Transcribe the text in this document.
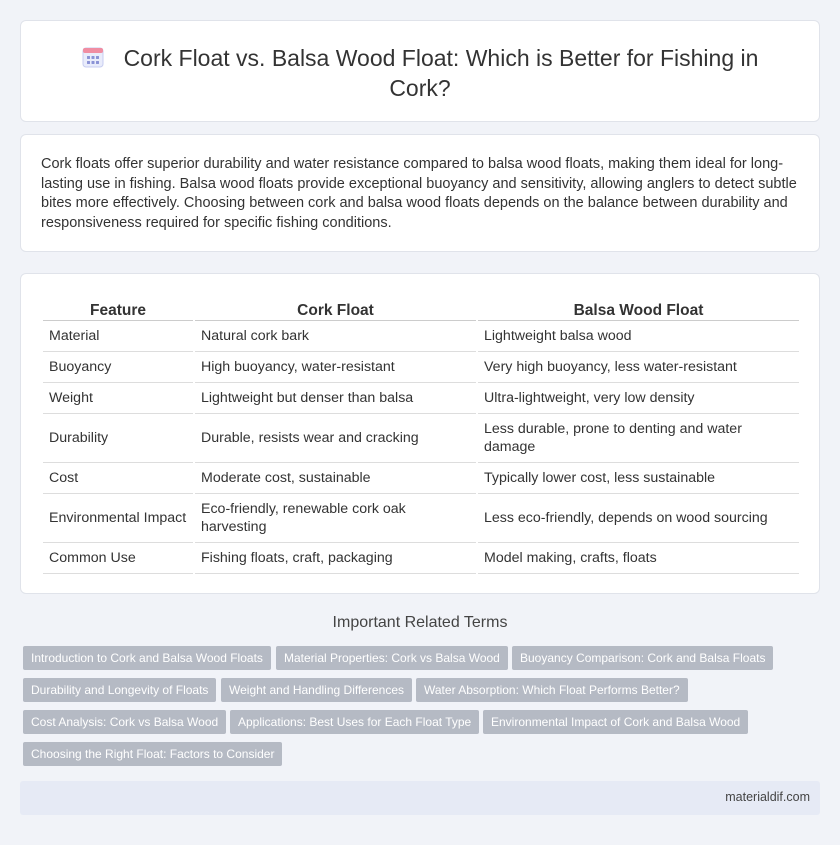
Cork Float vs. Balsa Wood Float: Which is Better for Fishing in Cork?

Cork floats offer superior durability and water resistance compared to balsa wood floats, making them ideal for long-lasting use in fishing. Balsa wood floats provide exceptional buoyancy and sensitivity, allowing anglers to detect subtle bites more effectively. Choosing between cork and balsa wood floats depends on the balance between durability and responsiveness required for specific fishing conditions.

Feature	Cork Float	Balsa Wood Float
Material	Natural cork bark	Lightweight balsa wood
Buoyancy	High buoyancy, water-resistant	Very high buoyancy, less water-resistant
Weight	Lightweight but denser than balsa	Ultra-lightweight, very low density
Durability	Durable, resists wear and cracking	Less durable, prone to denting and water damage
Cost	Moderate cost, sustainable	Typically lower cost, less sustainable
Environmental Impact	Eco-friendly, renewable cork oak harvesting	Less eco-friendly, depends on wood sourcing
Common Use	Fishing floats, craft, packaging	Model making, crafts, floats
Important Related Terms
Introduction to Cork and Balsa Wood Floats	Material Properties: Cork vs Balsa Wood	Buoyancy Comparison: Cork and Balsa Floats
Durability and Longevity of Floats	Weight and Handling Differences	Water Absorption: Which Float Performs Better?
Cost Analysis: Cork vs Balsa Wood	Applications: Best Uses for Each Float Type	Environmental Impact of Cork and Balsa Wood
Choosing the Right Float: Factors to Consider
materialdif.com
